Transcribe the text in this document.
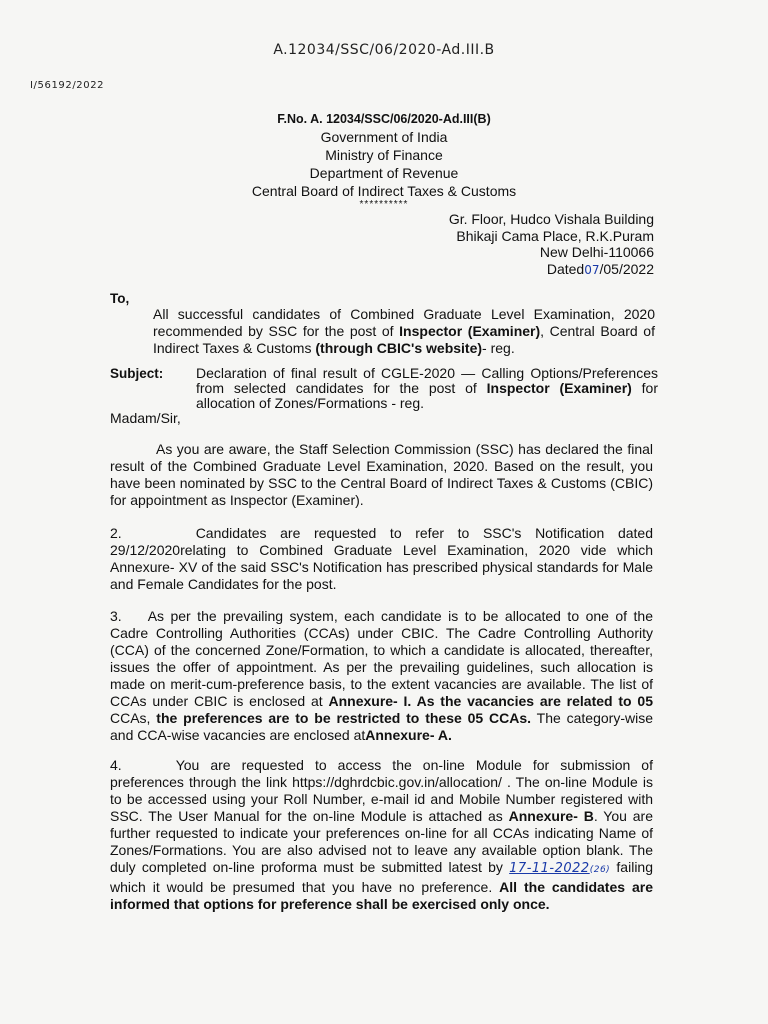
A.12034/SSC/06/2020-Ad.III.B
I/56192/2022
F.No. A. 12034/SSC/06/2020-Ad.III(B)
Government of India
Ministry of Finance
Department of Revenue
Central Board of Indirect Taxes & Customs
**********
Gr. Floor, Hudco Vishala Building
Bhikaji Cama Place, R.K.Puram
New Delhi-110066
Dated07/05/2022
To,
All successful candidates of Combined Graduate Level Examination, 2020 recommended by SSC for the post of Inspector (Examiner), Central Board of Indirect Taxes & Customs (through CBIC's website)- reg.
Subject: Declaration of final result of CGLE-2020 — Calling Options/Preferences from selected candidates for the post of Inspector (Examiner) for allocation of Zones/Formations - reg.
Madam/Sir,
As you are aware, the Staff Selection Commission (SSC) has declared the final result of the Combined Graduate Level Examination, 2020. Based on the result, you have been nominated by SSC to the Central Board of Indirect Taxes & Customs (CBIC) for appointment as Inspector (Examiner).
2.	Candidates are requested to refer to SSC's Notification dated 29/12/2020relating to Combined Graduate Level Examination, 2020 vide which Annexure- XV of the said SSC's Notification has prescribed physical standards for Male and Female Candidates for the post.
3. As per the prevailing system, each candidate is to be allocated to one of the Cadre Controlling Authorities (CCAs) under CBIC. The Cadre Controlling Authority (CCA) of the concerned Zone/Formation, to which a candidate is allocated, thereafter, issues the offer of appointment. As per the prevailing guidelines, such allocation is made on merit-cum-preference basis, to the extent vacancies are available. The list of CCAs under CBIC is enclosed at Annexure- I. As the vacancies are related to 05 CCAs, the preferences are to be restricted to these 05 CCAs. The category-wise and CCA-wise vacancies are enclosed atAnnexure- A.
4.	You are requested to access the on-line Module for submission of preferences through the link https://dghrdcbic.gov.in/allocation/ . The on-line Module is to be accessed using your Roll Number, e-mail id and Mobile Number registered with SSC. The User Manual for the on-line Module is attached as Annexure- B. You are further requested to indicate your preferences on-line for all CCAs indicating Name of Zones/Formations. You are also advised not to leave any available option blank. The duly completed on-line proforma must be submitted latest by 17-11-2022(26) failing which it would be presumed that you have no preference. All the candidates are informed that options for preference shall be exercised only once.
